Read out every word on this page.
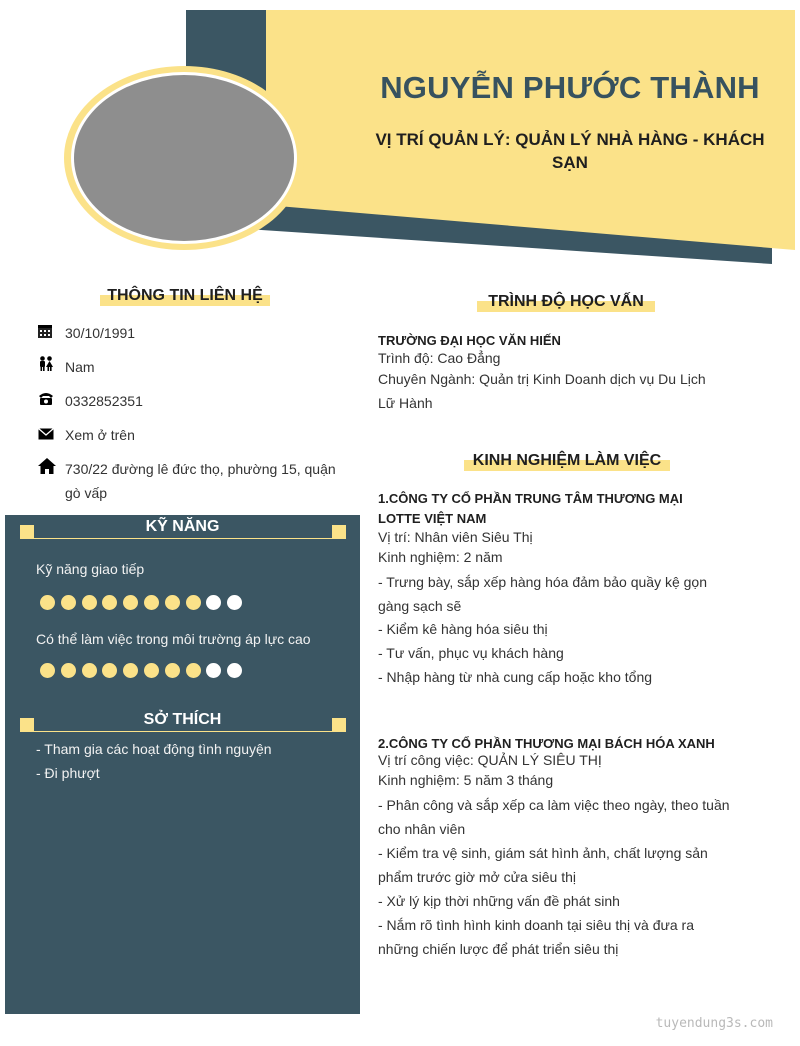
NGUYỄN PHƯỚC THÀNH
VỊ TRÍ QUẢN LÝ: QUẢN LÝ NHÀ HÀNG - KHÁCH SẠN
THÔNG TIN LIÊN HỆ
30/10/1991
Nam
0332852351
Xem ở trên
730/22 đường lê đức thọ, phường 15, quận gò vấp
KỸ NĂNG
Kỹ năng giao tiếp
Có thể làm việc trong môi trường áp lực cao
SỞ THÍCH
- Tham gia các hoạt động tình nguyện
- Đi phượt
TRÌNH ĐỘ HỌC VẤN
TRƯỜNG ĐẠI HỌC VĂN HIẾN
Trình độ: Cao Đẳng
Chuyên Ngành: Quản trị Kinh Doanh dịch vụ Du Lịch Lữ Hành
KINH NGHIỆM LÀM VIỆC
1.CÔNG TY CỔ PHẦN TRUNG TÂM THƯƠNG MẠI LOTTE VIỆT NAM
Vị trí: Nhân viên Siêu Thị
Kinh nghiệm: 2 năm
- Trưng bày, sắp xếp hàng hóa đảm bảo quầy kệ gọn gàng sạch sẽ
- Kiểm kê hàng hóa siêu thị
- Tư vấn, phục vụ khách hàng
- Nhập hàng từ nhà cung cấp hoặc kho tổng
2.CÔNG TY CỔ PHẦN THƯƠNG MẠI BÁCH HÓA XANH
Vị trí công việc: QUẢN LÝ SIÊU THỊ
Kinh nghiệm: 5 năm 3 tháng
- Phân công và sắp xếp ca làm việc theo ngày, theo tuần cho nhân viên
- Kiểm tra vệ sinh, giám sát hình ảnh, chất lượng sản phẩm trước giờ mở cửa siêu thị
- Xử lý kịp thời những vấn đề phát sinh
- Nắm rõ tình hình kinh doanh tại siêu thị và đưa ra những chiến lược để phát triển siêu thị
tuyendung3s.com
